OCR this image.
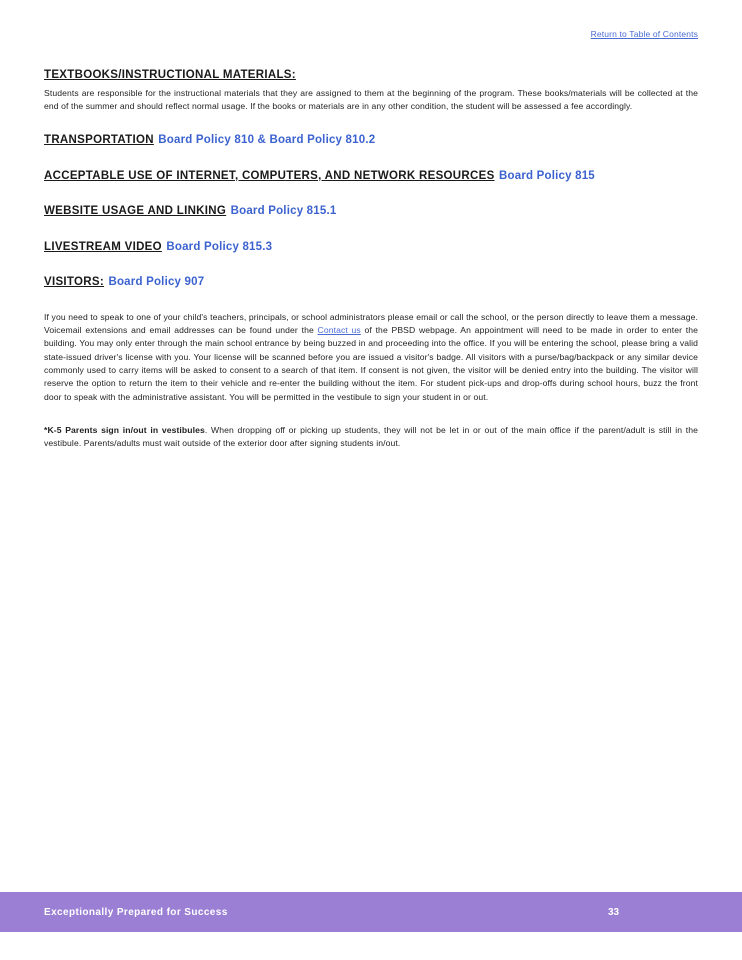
Return to Table of Contents
TEXTBOOKS/INSTRUCTIONAL MATERIALS:
Students are responsible for the instructional materials that they are assigned to them at the beginning of the program. These books/materials will be collected at the end of the summer and should reflect normal usage. If the books or materials are in any other condition, the student will be assessed a fee accordingly.
TRANSPORTATION Board Policy 810 & Board Policy 810.2
ACCEPTABLE USE OF INTERNET, COMPUTERS, AND NETWORK RESOURCES Board Policy 815
WEBSITE USAGE AND LINKING Board Policy 815.1
LIVESTREAM VIDEO Board Policy 815.3
VISITORS: Board Policy 907
If you need to speak to one of your child's teachers, principals, or school administrators please email or call the school, or the person directly to leave them a message. Voicemail extensions and email addresses can be found under the Contact us of the PBSD webpage. An appointment will need to be made in order to enter the building. You may only enter through the main school entrance by being buzzed in and proceeding into the office. If you will be entering the school, please bring a valid state-issued driver's license with you. Your license will be scanned before you are issued a visitor's badge. All visitors with a purse/bag/backpack or any similar device commonly used to carry items will be asked to consent to a search of that item. If consent is not given, the visitor will be denied entry into the building. The visitor will reserve the option to return the item to their vehicle and re-enter the building without the item. For student pick-ups and drop-offs during school hours, buzz the front door to speak with the administrative assistant. You will be permitted in the vestibule to sign your student in or out.
*K-5 Parents sign in/out in vestibules. When dropping off or picking up students, they will not be let in or out of the main office if the parent/adult is still in the vestibule. Parents/adults must wait outside of the exterior door after signing students in/out.
Exceptionally Prepared for Success	33
